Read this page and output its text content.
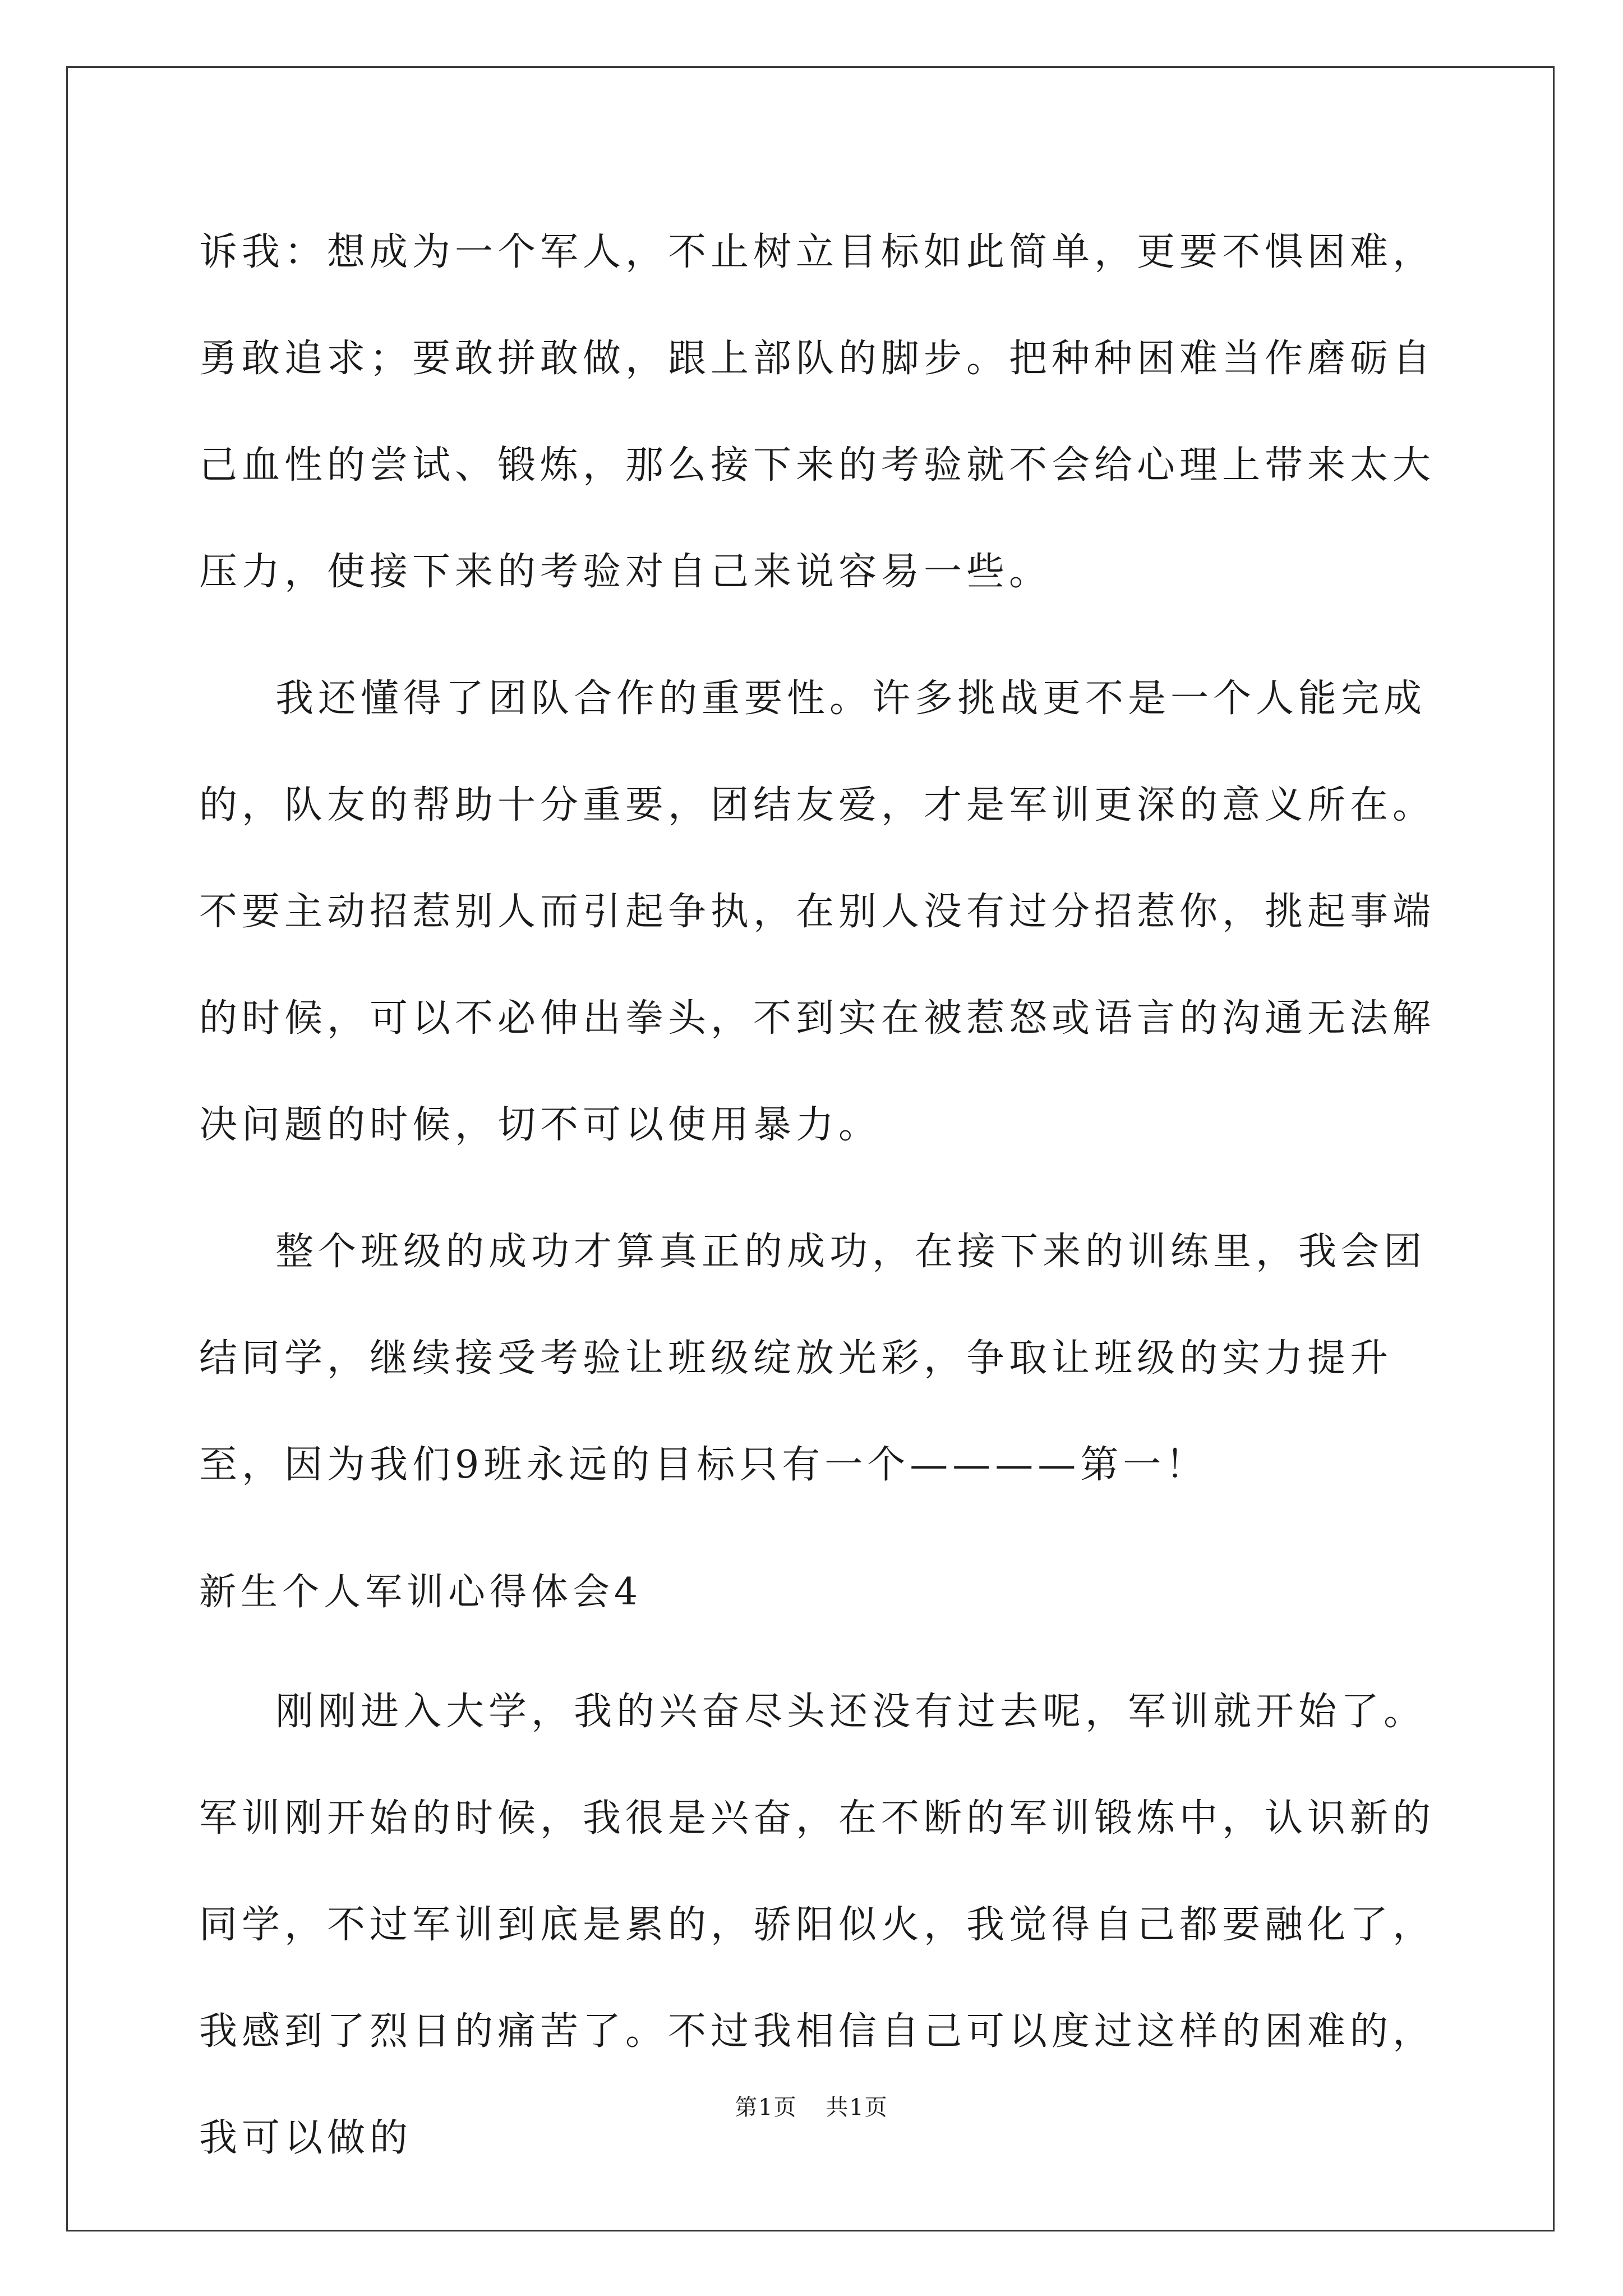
诉我：想成为一个军人，不止树立目标如此简单，更要不惧困难，勇敢追求；要敢拼敢做，跟上部队的脚步。把种种困难当作磨砺自己血性的尝试、锻炼，那么接下来的考验就不会给心理上带来太大压力，使接下来的考验对自己来说容易一些。

我还懂得了团队合作的重要性。许多挑战更不是一个人能完成的，队友的帮助十分重要，团结友爱，才是军训更深的意义所在。不要主动招惹别人而引起争执，在别人没有过分招惹你，挑起事端的时候，可以不必伸出拳头，不到实在被惹怒或语言的沟通无法解决问题的时候，切不可以使用暴力。

整个班级的成功才算真正的成功，在接下来的训练里，我会团结同学，继续接受考验让班级绽放光彩，争取让班级的实力提升至，因为我们9班永远的目标只有一个————第一！

新生个人军训心得体会4

刚刚进入大学，我的兴奋尽头还没有过去呢，军训就开始了。军训刚开始的时候，我很是兴奋，在不断的军训锻炼中，认识新的同学，不过军训到底是累的，骄阳似火，我觉得自己都要融化了，我感到了烈日的痛苦了。不过我相信自己可以度过这样的困难的，我可以做的

第1页 共1页
